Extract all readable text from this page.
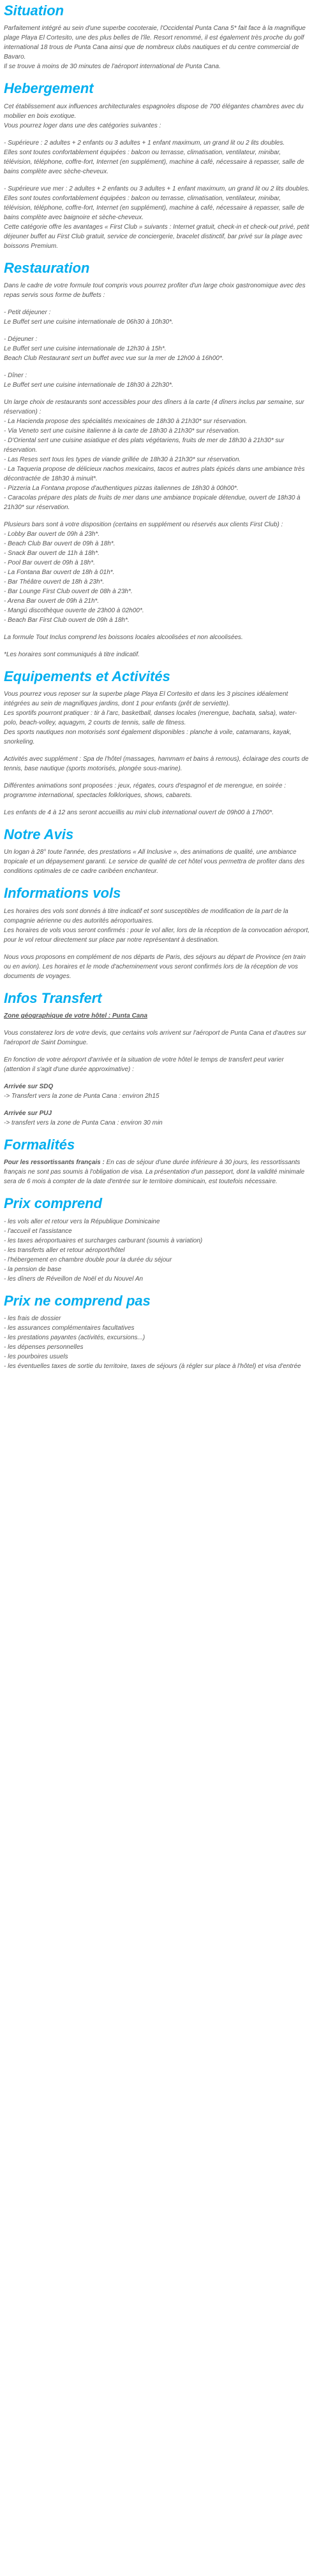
Situation

Parfaitement intégré au sein d'une superbe cocoteraie, l'Occidental Punta Cana 5* fait face à la magnifique plage Playa El Cortesito, une des plus belles de l'île. Resort renommé, il est également très proche du golf international 18 trous de Punta Cana ainsi que de nombreux clubs nautiques et du centre commercial de Bavaro.
Il se trouve à moins de 30 minutes de l'aéroport international de Punta Cana.

Hebergement

Cet établissement aux influences architecturales espagnoles dispose de 700 élégantes chambres avec du mobilier en bois exotique.
Vous pourrez loger dans une des catégories suivantes :

- Supérieure : 2 adultes + 2 enfants ou 3 adultes + 1 enfant maximum, un grand lit ou 2 lits doubles.
Elles sont toutes confortablement équipées : balcon ou terrasse, climatisation, ventilateur, minibar, télévision, téléphone, coffre-fort, Internet (en supplément), machine à café, nécessaire à repasser, salle de bains complète avec sèche-cheveux.

- Supérieure vue mer : 2 adultes + 2 enfants ou 3 adultes + 1 enfant maximum, un grand lit ou 2 lits doubles.
Elles sont toutes confortablement équipées : balcon ou terrasse, climatisation, ventilateur, minibar, télévision, téléphone, coffre-fort, Internet (en supplément), machine à café, nécessaire à repasser, salle de bains complète avec baignoire et sèche-cheveux.
Cette catégorie offre les avantages « First Club » suivants : Internet gratuit, check-in et check-out privé, petit déjeuner buffet au First Club gratuit, service de conciergerie, bracelet distinctif, bar privé sur la plage avec boissons Premium.

Restauration

Dans le cadre de votre formule tout compris vous pourrez profiter d'un large choix gastronomique avec des repas servis sous forme de buffets :

- Petit déjeuner :
Le Buffet sert une cuisine internationale de 06h30 à 10h30*.

- Déjeuner :
Le Buffet sert une cuisine internationale de 12h30 à 15h*.
Beach Club Restaurant sert un buffet avec vue sur la mer de 12h00 à 16h00*.

- Dîner :
Le Buffet sert une cuisine internationale de 18h30 à 22h30*.

Un large choix de restaurants sont accessibles pour des dîners à la carte (4 dîners inclus par semaine, sur réservation) :
- La Hacienda propose des spécialités mexicaines de 18h30 à 21h30* sur réservation.
- Via Veneto sert une cuisine italienne à la carte de 18h30 à 21h30* sur réservation.
- D'Oriental sert une cuisine asiatique et des plats végétariens, fruits de mer de 18h30 à 21h30* sur réservation.
- Las Reses sert tous les types de viande grillée de 18h30 à 21h30* sur réservation.
- La Taqueria propose de délicieux nachos mexicains, tacos et autres plats épicés dans une ambiance très décontractée de 18h30 à minuit*.
- Pizzeria La Fontana propose d'authentiques pizzas italiennes de 18h30 à 00h00*.
- Caracolas prépare des plats de fruits de mer dans une ambiance tropicale détendue, ouvert de 18h30 à 21h30* sur réservation.

Plusieurs bars sont à votre disposition (certains en supplément ou réservés aux clients First Club) :
- Lobby Bar ouvert de 09h à 23h*.
- Beach Club Bar ouvert de 09h à 18h*.
- Snack Bar ouvert de 11h à 18h*.
- Pool Bar ouvert de 09h à 18h*.
- La Fontana Bar ouvert de 18h à 01h*.
- Bar Théâtre ouvert de 18h à 23h*.
- Bar Lounge First Club ouvert de 08h à 23h*.
- Arena Bar ouvert de 09h à 21h*.
- Mangú discothèque ouverte de 23h00 à 02h00*.
- Beach Bar First Club ouvert de 09h à 18h*.

La formule Tout Inclus comprend les boissons locales alcoolisées et non alcoolisées.

*Les horaires sont communiqués à titre indicatif.

Equipements et Activités

Vous pourrez vous reposer sur la superbe plage Playa El Cortesito et dans les 3 piscines idéalement intégrées au sein de magnifiques jardins, dont 1 pour enfants (prêt de serviette).
Les sportifs pourront pratiquer : tir à l'arc, basketball, danses locales (merengue, bachata, salsa), water-polo, beach-volley, aquagym, 2 courts de tennis, salle de fitness.
Des sports nautiques non motorisés sont également disponibles : planche à voile, catamarans, kayak, snorkeling.

Activités avec supplément : Spa de l'hôtel (massages, hammam et bains à remous), éclairage des courts de tennis, base nautique (sports motorisés, plongée sous-marine).

Différentes animations sont proposées : jeux, régates, cours d'espagnol et de merengue, en soirée : programme international, spectacles folkloriques, shows, cabarets.

Les enfants de 4 à 12 ans seront accueillis au mini club international ouvert de 09h00 à 17h00*.

Notre Avis

Un logan à 28° toute l'année, des prestations « All Inclusive », des animations de qualité, une ambiance tropicale et un dépaysement garanti. Le service de qualité de cet hôtel vous permettra de profiter dans des conditions optimales de ce cadre caribéen enchanteur.

Informations vols

Les horaires des vols sont donnés à titre indicatif et sont susceptibles de modification de la part de la compagnie aérienne ou des autorités aéroportuaires.
Les horaires de vols vous seront confirmés : pour le vol aller, lors de la réception de la convocation aéroport, pour le vol retour directement sur place par notre représentant à destination.

Nous vous proposons en complément de nos départs de Paris, des séjours au départ de Province (en train ou en avion). Les horaires et le mode d'acheminement vous seront confirmés lors de la réception de vos documents de voyages.

Infos Transfert

Zone géographique de votre hôtel : Punta Cana

Vous constaterez lors de votre devis, que certains vols arrivent sur l'aéroport de Punta Cana et d'autres sur l'aéroport de Saint Domingue.

En fonction de votre aéroport d'arrivée et la situation de votre hôtel le temps de transfert peut varier (attention il s'agit d'une durée approximative) :

Arrivée sur SDQ
-> Transfert vers la zone de Punta Cana : environ 2h15

Arrivée sur PUJ
-> transfert vers la zone de Punta Cana : environ 30 min

Formalités

Pour les ressortissants français : En cas de séjour d'une durée inférieure à 30 jours, les ressortissants français ne sont pas soumis à l'obligation de visa. La présentation d'un passeport, dont la validité minimale sera de 6 mois à compter de la date d'entrée sur le territoire dominicain, est toutefois nécessaire.

Prix comprend

- les vols aller et retour vers la République Dominicaine
- l'accueil et l'assistance
- les taxes aéroportuaires et surcharges carburant (soumis à variation)
- les transferts aller et retour aéroport/hôtel
- l'hébergement en chambre double pour la durée du séjour
- la pension de base
- les dîners de Réveillon de Noël et du Nouvel An

Prix ne comprend pas

- les frais de dossier
- les assurances complémentaires facultatives
- les prestations payantes (activités, excursions...)
- les dépenses personnelles
- les pourboires usuels
- les éventuelles taxes de sortie du territoire, taxes de séjours (à régler sur place à l'hôtel) et visa d'entrée
